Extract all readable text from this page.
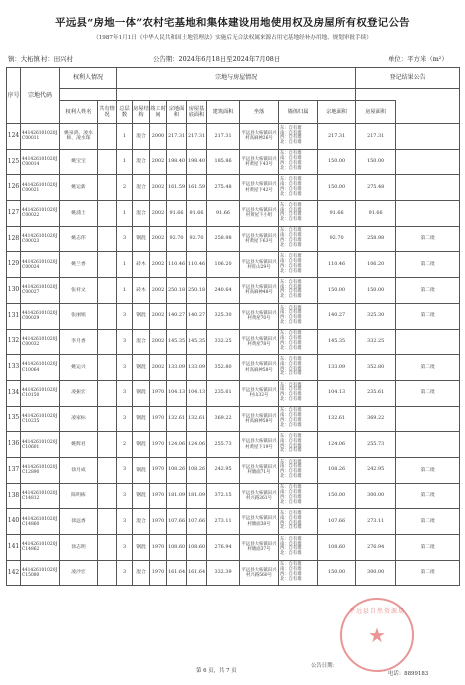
平远县“房地一体”农村宅基地和集体建设用地使用权及房屋所有权登记公告
（1987年1月1日《中华人民共和国土地管理法》实施后无合法权属来源占用宅基地经补办用地、规划审批手续）
镇：大柘镇 村：田兴村	公告期：2024年6月18日至2024年7月08日	单位：平方米（m²）
序号	宗地代码	权利人情况		宗地与房屋情况									登记结果公告	

		权利人姓名	共有情况	总层数	房屋结构	竣工时间	宗地面积	房屋基底面积	建筑面积	坐落	墙体归属	宗地面积	房屋面积		
124	441426101020JC00011	姚泉鸿、凌水师、凌水琛		1	混合	2000	217.31	217.31	217.31	平远县大柘镇田兴村高麻神26号	东：自有墙
南：自有墙
西：自有墙
北：自有墙	217.31	217.31		
125	441426101020JC00014	姚宝宝		1	混合	2002	198.40	198.40	185.86	平远县大柘镇田兴村黄屋下43号	东：自有墙
南：自有墙
西：自有墙
北：自有墙	150.00	150.00		
126	441426101020JC00021	姚运新		2	混合	2002	161.59	161.59	275.48	平远县大柘镇田兴村黄屋下42号	东：自有墙
南：自有墙
西：自有墙
北：自有墙	150.00	275.48		
127	441426101020JC00022	姚浦士		1	混合	2002	91.66	91.66	91.66	平远县大柘镇田兴村黄屋下小组	东：自有墙
南：自有墙
西：自有墙
北：自有墙	91.66	91.66		
128	441426101020JC00023	姚志伟		3	钢混	2002	92.70	92.70	258.98	平远县大柘镇田兴村黄屋下63号	东：自有墙
南：自有墙
西：自有墙
北：自有墙	92.70	258.98	第二批	
129	441426101020JC00024	姚兰香		1	砖木	2002	110.46	110.46	106.20	平远县大柘镇田兴村旺山29号	东：自有墙
南：自有墙
西：自有墙
北：自有墙	110.46	106.20	第二批	
130	441426101020JC00027	张祥文		1	砖木	2002	250.18	250.18	240.64	平远县大柘镇田兴村高麻神48号	东：自有墙
南：自有墙
西：自有墙
北：自有墙	150.00	150.00	第二批	
131	441426101020JC00029	张丽娟		3	钢混	2002	140.27	140.27	325.30	平远县大柘镇田兴村黄屋70号	东：自有墙
南：自有墙
西：自有墙
北：自有墙	140.27	325.30	第二批	
132	441426101020JC00032	李月香		3	混合	2002	145.35	145.35	332.25	平远县大柘镇田兴村黄屋78号	东：自有墙
南：自有墙
西：自有墙
北：自有墙	145.35	332.25		
133	441426101020JC10064	姚运兴		3	钢混	2002	133.09	133.09	352.80	平远县大柘镇田兴村高麻神58号	东：自有墙
南：自有墙
西：自有墙
北：自有墙	133.09	352.80	第二批	
134	441426101020JC10150	凌振宏		3	钢混	1970	104.13	104.13	235.61	平远县大柘镇田兴村山32号	东：自有墙
南：自有墙
西：自有墙
北：自有墙	104.13	235.61	第二批	
135	441426101020JC10235	凌家标		3	钢混	1970	132.61	132.61	369.22	平远县大柘镇田兴村高麻神58号	东：自有墙
南：自有墙
西：自有墙
北：自有墙	132.61	369.22		
136	441426101020JC10601	姚辉君		2	钢混	1970	124.06	124.06	255.73	平远县大柘镇田兴村黄屋下19号	东：自有墙
南：自有墙
西：自有墙
北：自有墙	124.06	255.73		
137	441426101020JC12890	徐月成		3	钢混	1970	108.26	108.26	242.95	平远县大柘镇田兴村塘面71号	东：自有墙
南：自有墙
西：自有墙
北：自有墙	108.26	242.95	第二批	
138	441426101020JC14812	陈明栋		3	钢混	1970	181.09	181.09	372.15	平远县大柘镇田兴村兴路261号	东：自有墙
南：自有墙
西：自有墙
北：自有墙	150.00	300.00	第二批	
140	441426101020JC14860	徐远香		3	混合	1970	107.66	107.66	273.11	平远县大柘镇田兴村塘面38号	东：自有墙
南：自有墙
西：自有墙
北：自有墙	107.66	273.11	第二批	
141	441426101020JC14862	徐志明		3	钢混	1970	108.60	108.60	276.94	平远县大柘镇田兴村塘面37号	东：自有墙
南：自有墙
西：自有墙
北：自有墙	108.60	276.94	第二批	
142	441426101020JC15080	凌沙宏		3	混合	1970	161.64	161.64	332.39	平远县大柘镇田兴村兴路560号	东：自有墙
南：自有墙
西：自有墙
北：自有墙	150.00	300.00	第二批	
平远县自然资源局
★
第 6 页，共 7 页
公告日期：
电话：8899183
